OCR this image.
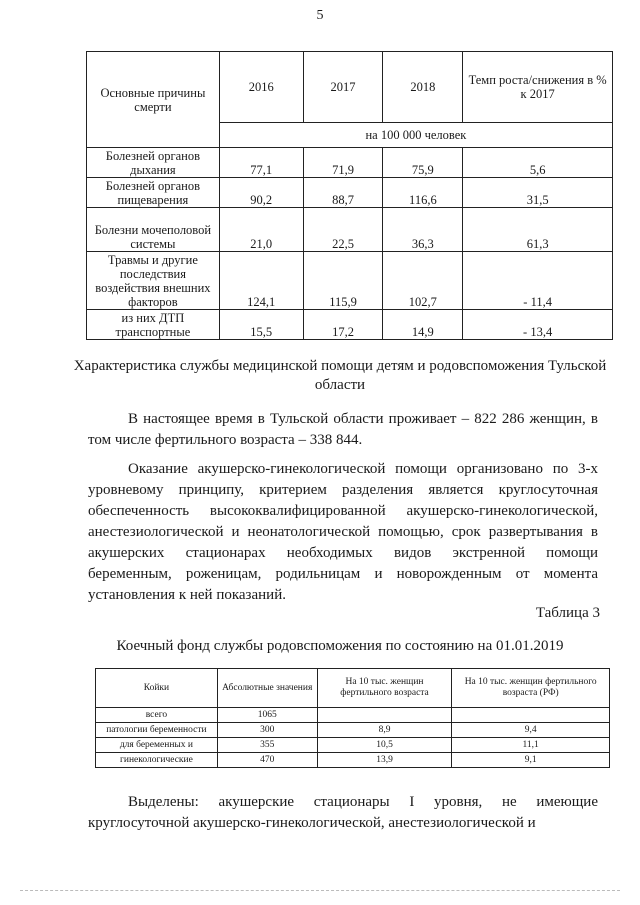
5
Основные причины смерти	2016	2017	2018	Темп роста/снижения в % к 2017
	на 100 000 человек			
Болезней органов дыхания	77,1	71,9	75,9	5,6
Болезней органов пищеварения	90,2	88,7	116,6	31,5
Болезни мочеполовой системы	21,0	22,5	36,3	61,3
Травмы и другие последствия воздействия внешних факторов	124,1	115,9	102,7	- 11,4
из них ДТП транспортные	15,5	17,2	14,9	- 13,4
Характеристика службы медицинской помощи детям и родовспоможения Тульской области

В настоящее время в Тульской области проживает – 822 286 женщин, в том числе фертильного возраста – 338 844.

Оказание акушерско-гинекологической помощи организовано по 3-х уровневому принципу, критерием разделения является круглосуточная обеспеченность высококвалифицированной акушерско-гинекологической, анестезиологической и неонатологической помощью, срок развертывания в акушерских стационарах необходимых видов экстренной помощи беременным, роженицам, родильницам и новорожденным от момента установления к ней показаний.

Таблица 3
Коечный фонд службы родовспоможения по состоянию на 01.01.2019
Койки	Абсолютные значения	На 10 тыс. женщин фертильного возраста	На 10 тыс. женщин фертильного возраста (РФ)
всего	1065		
патологии беременности	300	8,9	9,4
для беременных и	355	10,5	11,1
гинекологические	470	13,9	9,1

Выделены: акушерские стационары I уровня, не имеющие круглосуточной акушерско-гинекологической, анестезиологической и
